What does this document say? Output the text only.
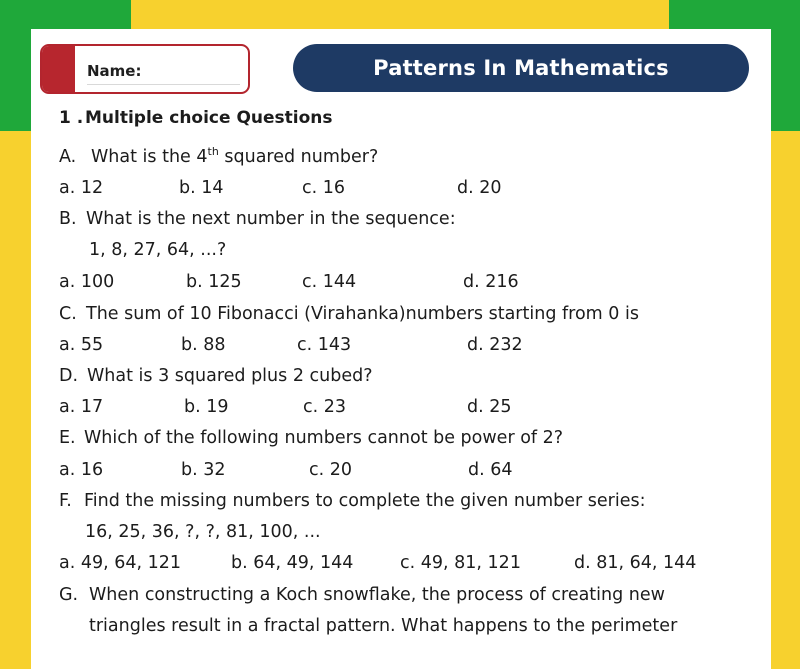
Name:	Patterns In Mathematics
1 . Multiple choice Questions
A. What is the 4th squared number?
a. 12	b. 14	c. 16	d. 20
B. What is the next number in the sequence:
1, 8, 27, 64, ...?
a. 100	b. 125	c. 144	d. 216
C. The sum of 10 Fibonacci (Virahanka)numbers starting from 0 is
a. 55	b. 88	c. 143	d. 232
D. What is 3 squared plus 2 cubed?
a. 17	b. 19	c. 23	d. 25
E. Which of the following numbers cannot be power of 2?
a. 16	b. 32	c. 20	d. 64
F. Find the missing numbers to complete the given number series:
16, 25, 36, ?, ?, 81, 100, ...
a. 49, 64, 121	b. 64, 49, 144	c. 49, 81, 121	d. 81, 64, 144
G. When constructing a Koch snowflake, the process of creating new
triangles result in a fractal pattern. What happens to the perimeter
